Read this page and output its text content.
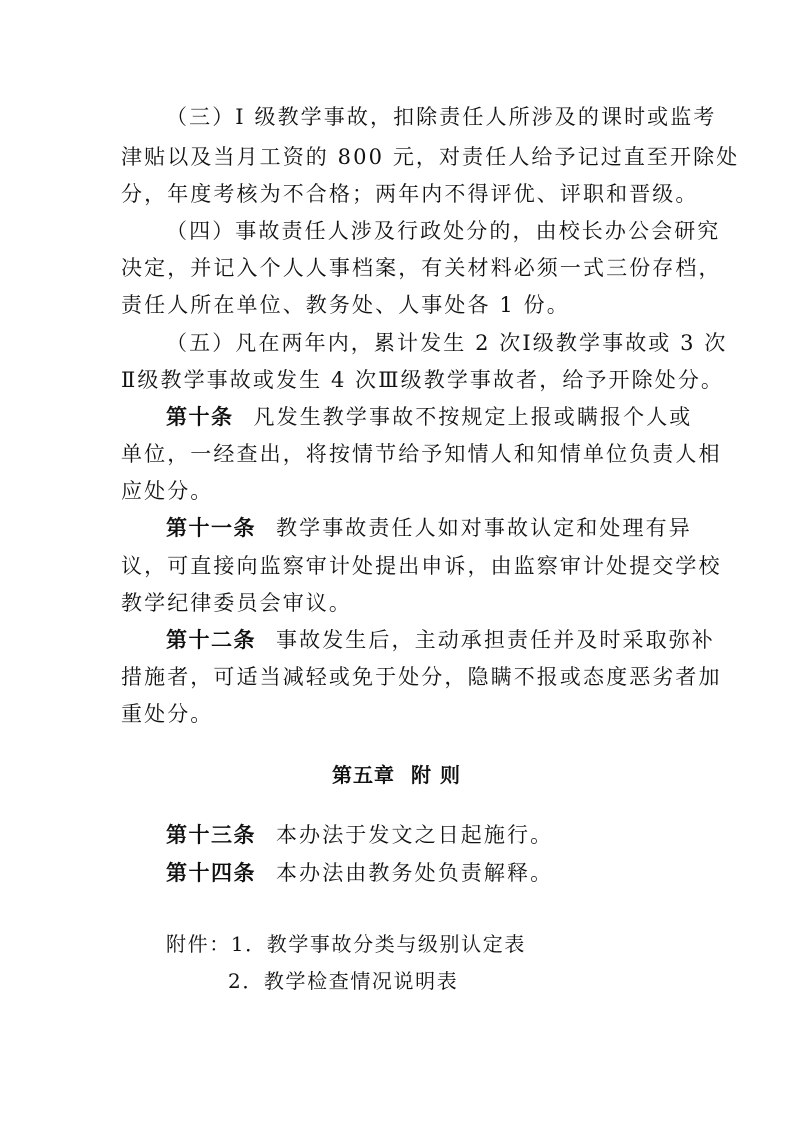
（三）I 级教学事故，扣除责任人所涉及的课时或监考
津贴以及当月工资的 800 元，对责任人给予记过直至开除处
分，年度考核为不合格；两年内不得评优、评职和晋级。
（四）事故责任人涉及行政处分的，由校长办公会研究
决定，并记入个人人事档案，有关材料必须一式三份存档，
责任人所在单位、教务处、人事处各 1 份。
（五）凡在两年内，累计发生 2 次Ⅰ级教学事故或 3 次
Ⅱ级教学事故或发生 4 次Ⅲ级教学事故者，给予开除处分。
第十条 凡发生教学事故不按规定上报或瞒报个人或
单位，一经查出，将按情节给予知情人和知情单位负责人相
应处分。
第十一条 教学事故责任人如对事故认定和处理有异
议，可直接向监察审计处提出申诉，由监察审计处提交学校
教学纪律委员会审议。
第十二条 事故发生后，主动承担责任并及时采取弥补
措施者，可适当减轻或免于处分，隐瞒不报或态度恶劣者加
重处分。
第五章 附 则
第十三条 本办法于发文之日起施行。
第十四条 本办法由教务处负责解释。
附件：1．教学事故分类与级别认定表
2．教学检查情况说明表
